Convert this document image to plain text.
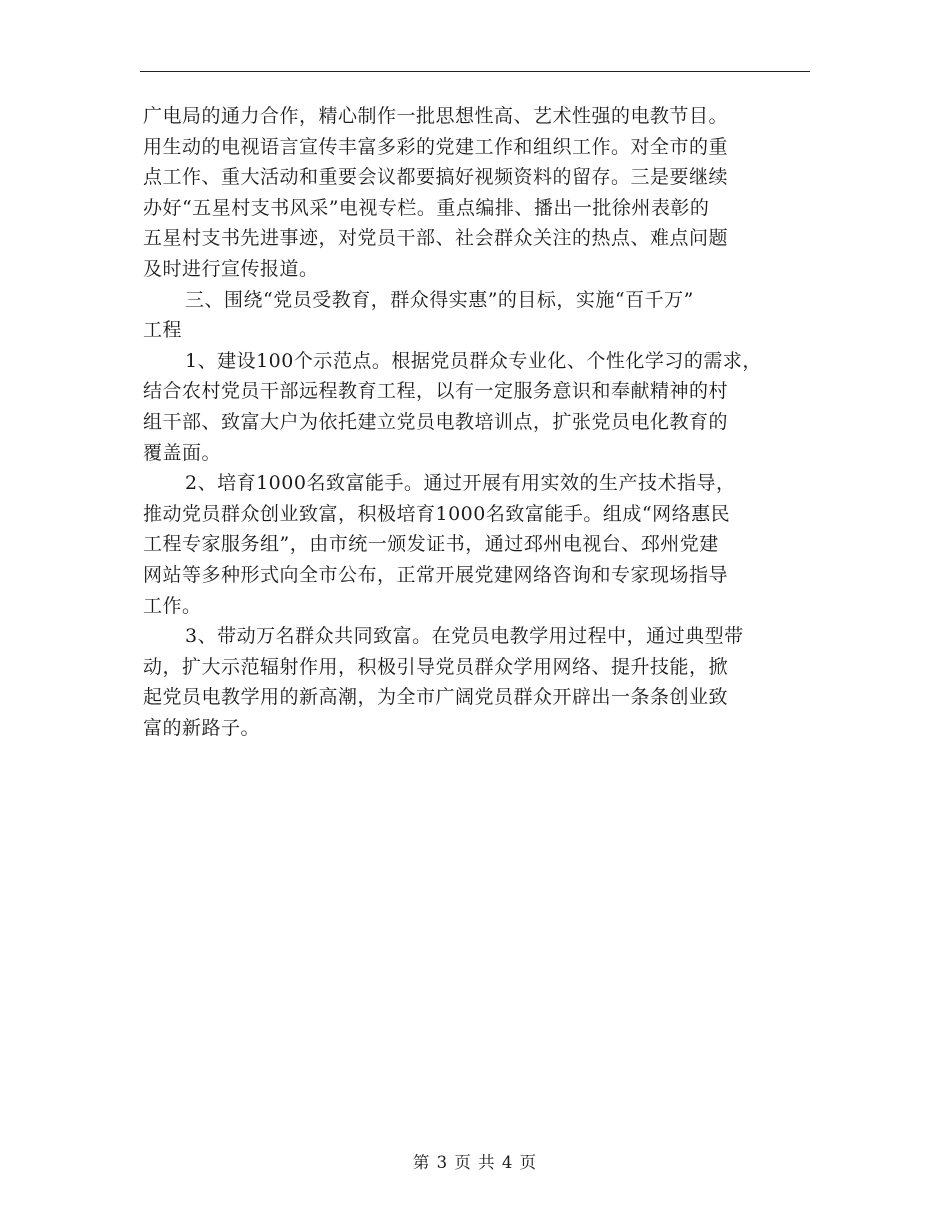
广电局的通力合作，精心制作一批思想性高、艺术性强的电教节目。
用生动的电视语言宣传丰富多彩的党建工作和组织工作。对全市的重
点工作、重大活动和重要会议都要搞好视频资料的留存。三是要继续
办好“五星村支书风采”电视专栏。重点编排、播出一批徐州表彰的
五星村支书先进事迹，对党员干部、社会群众关注的热点、难点问题
及时进行宣传报道。
三、围绕“党员受教育，群众得实惠”的目标，实施“百千万”
工程
1、建设100个示范点。根据党员群众专业化、个性化学习的需求，
结合农村党员干部远程教育工程，以有一定服务意识和奉献精神的村
组干部、致富大户为依托建立党员电教培训点，扩张党员电化教育的
覆盖面。
2、培育1000名致富能手。通过开展有用实效的生产技术指导，
推动党员群众创业致富，积极培育1000名致富能手。组成“网络惠民
工程专家服务组”，由市统一颁发证书，通过邳州电视台、邳州党建
网站等多种形式向全市公布，正常开展党建网络咨询和专家现场指导
工作。
3、带动万名群众共同致富。在党员电教学用过程中，通过典型带
动，扩大示范辐射作用，积极引导党员群众学用网络、提升技能，掀
起党员电教学用的新高潮，为全市广阔党员群众开辟出一条条创业致
富的新路子。
第 3 页 共 4 页
